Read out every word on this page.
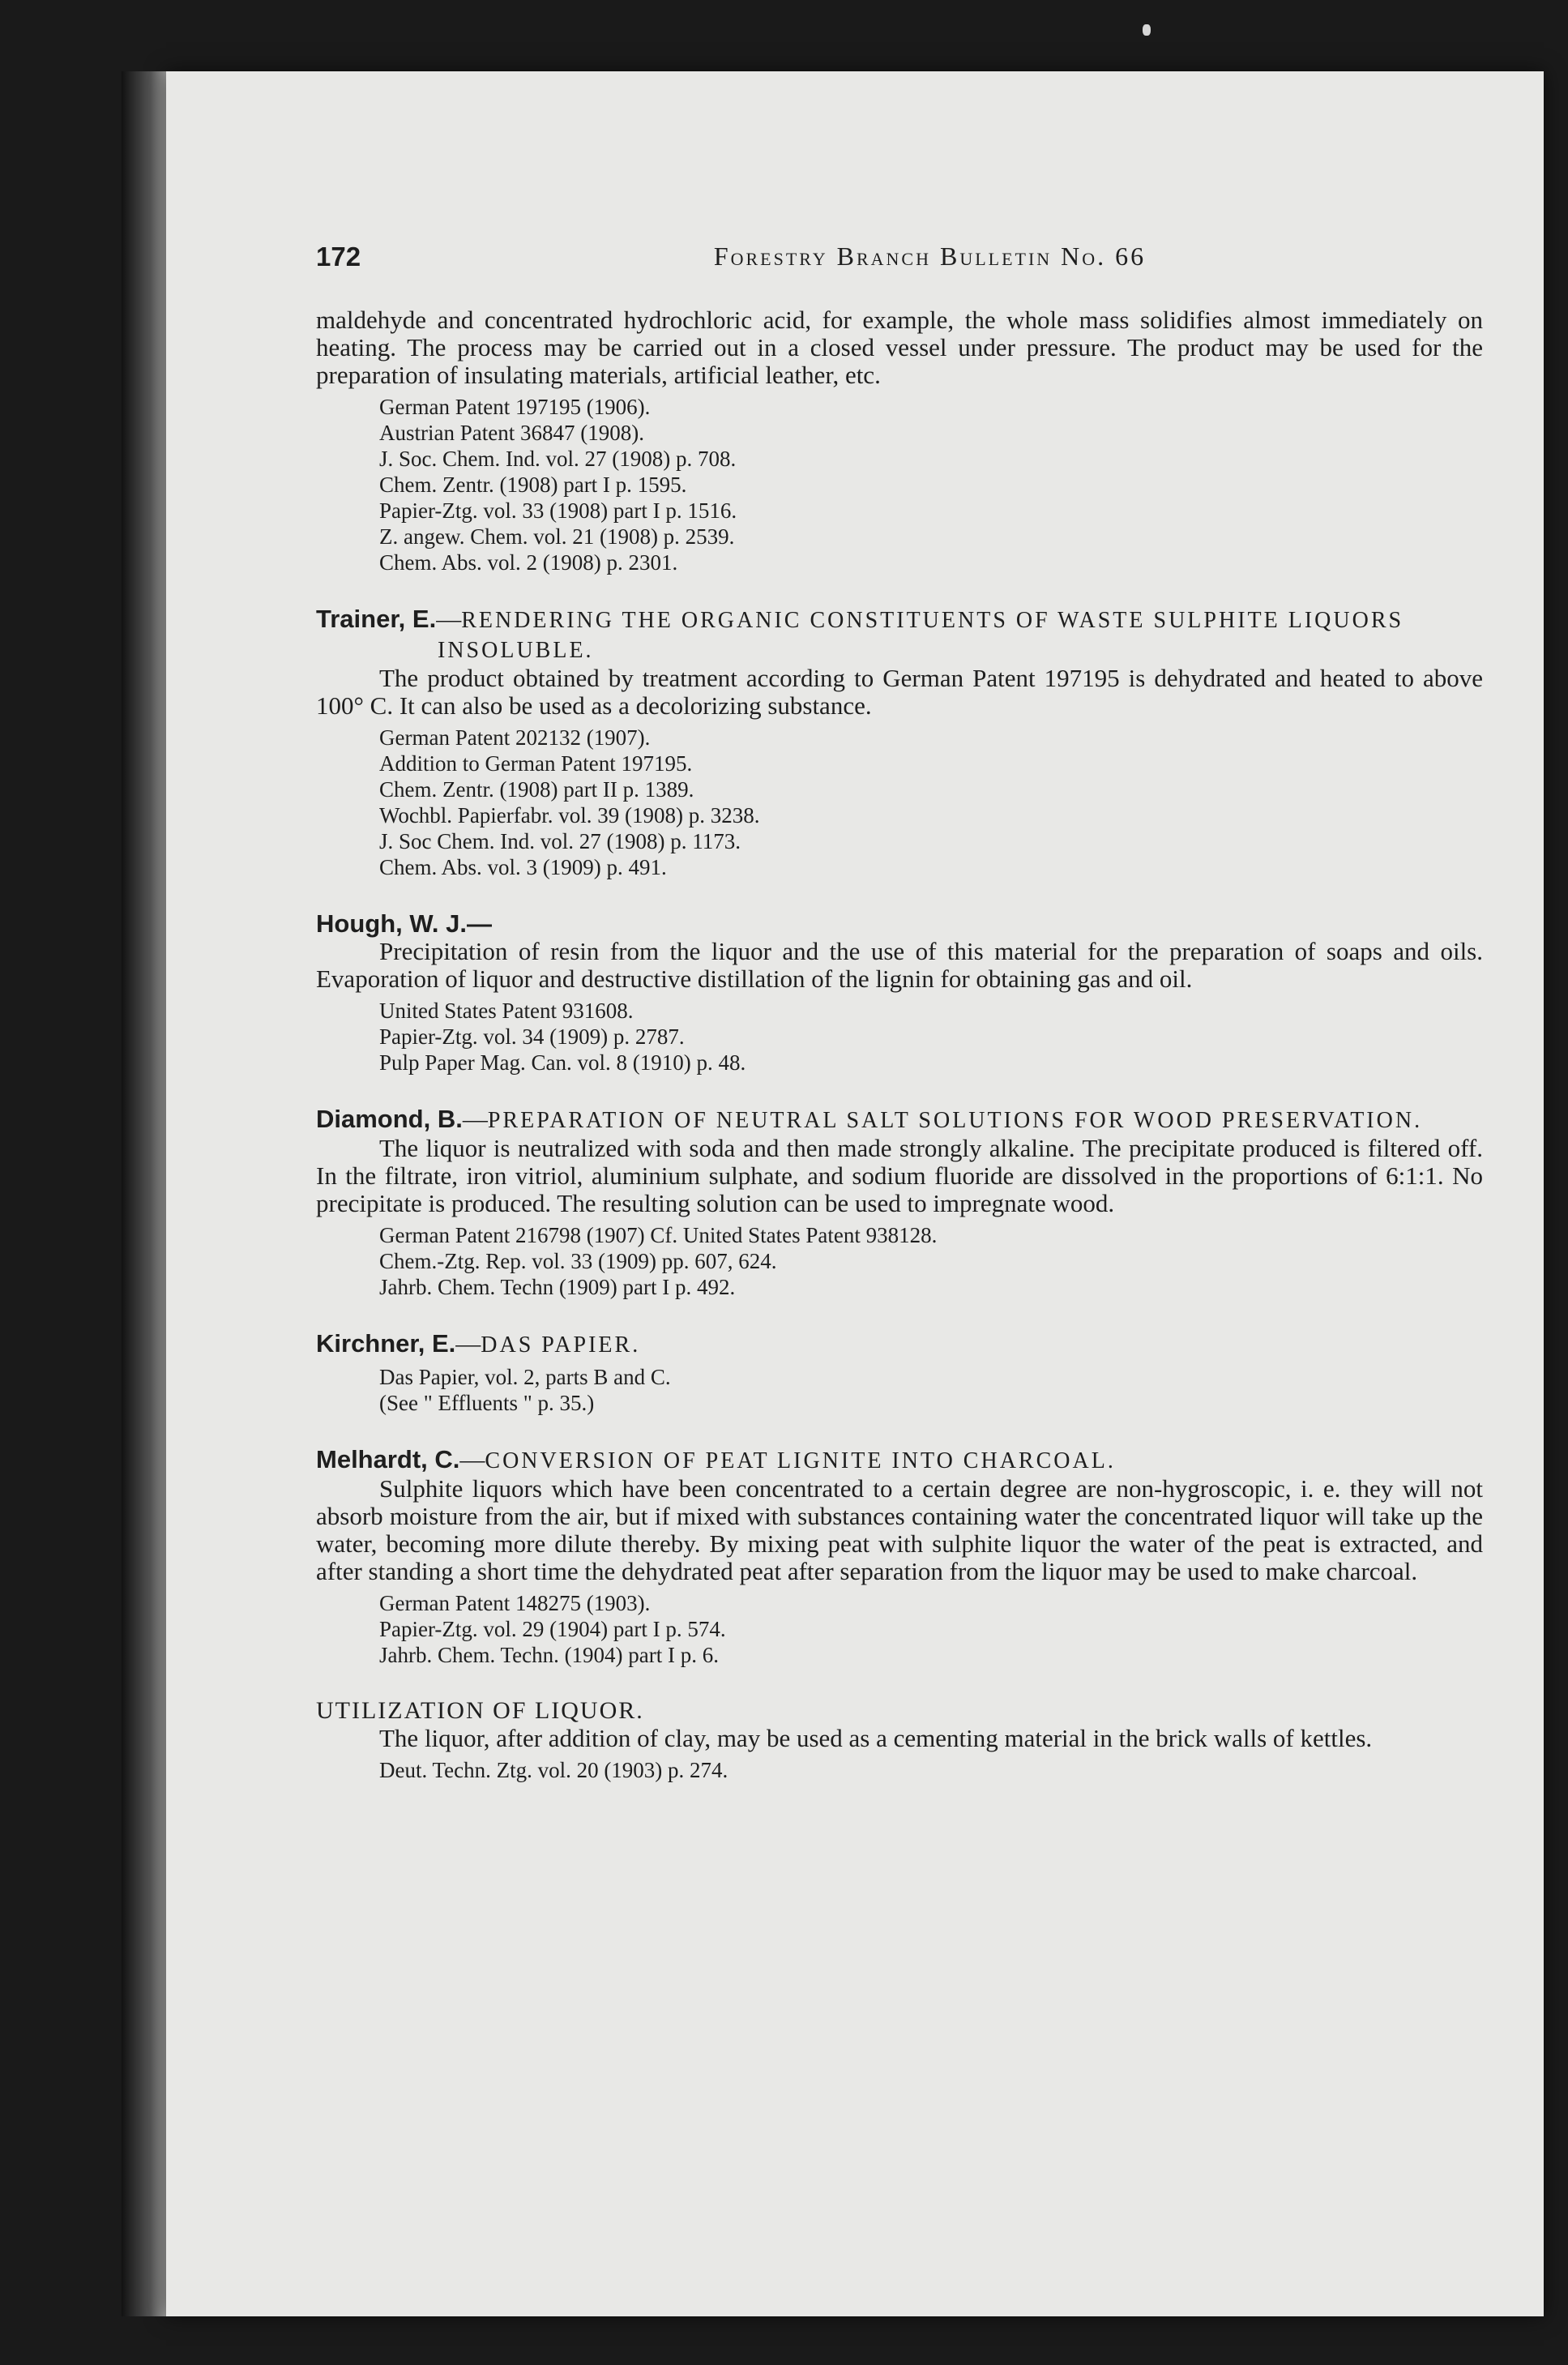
172	Forestry Branch Bulletin No. 66

maldehyde and concentrated hydrochloric acid, for example, the whole mass solidifies almost immediately on heating. The process may be carried out in a closed vessel under pressure. The product may be used for the preparation of insulating materials, artificial leather, etc.

German Patent 197195 (1906).
Austrian Patent 36847 (1908).
J. Soc. Chem. Ind. vol. 27 (1908) p. 708.
Chem. Zentr. (1908) part I p. 1595.
Papier-Ztg. vol. 33 (1908) part I p. 1516.
Z. angew. Chem. vol. 21 (1908) p. 2539.
Chem. Abs. vol. 2 (1908) p. 2301.

Trainer, E.—RENDERING THE ORGANIC CONSTITUENTS OF WASTE SULPHITE LIQUORS INSOLUBLE.

The product obtained by treatment according to German Patent 197195 is dehydrated and heated to above 100° C. It can also be used as a decolorizing substance.

German Patent 202132 (1907).
Addition to German Patent 197195.
Chem. Zentr. (1908) part II p. 1389.
Wochbl. Papierfabr. vol. 39 (1908) p. 3238.
J. Soc Chem. Ind. vol. 27 (1908) p. 1173.
Chem. Abs. vol. 3 (1909) p. 491.

Hough, W. J.—

Precipitation of resin from the liquor and the use of this material for the preparation of soaps and oils. Evaporation of liquor and destructive distillation of the lignin for obtaining gas and oil.

United States Patent 931608.
Papier-Ztg. vol. 34 (1909) p. 2787.
Pulp Paper Mag. Can. vol. 8 (1910) p. 48.

Diamond, B.—PREPARATION OF NEUTRAL SALT SOLUTIONS FOR WOOD PRESERVATION.

The liquor is neutralized with soda and then made strongly alkaline. The precipitate produced is filtered off. In the filtrate, iron vitriol, aluminium sulphate, and sodium fluoride are dissolved in the proportions of 6:1:1. No precipitate is produced. The resulting solution can be used to impregnate wood.

German Patent 216798 (1907) Cf. United States Patent 938128.
Chem.-Ztg. Rep. vol. 33 (1909) pp. 607, 624.
Jahrb. Chem. Techn (1909) part I p. 492.

Kirchner, E.—DAS PAPIER.

Das Papier, vol. 2, parts B and C.
(See " Effluents " p. 35.)

Melhardt, C.—CONVERSION OF PEAT LIGNITE INTO CHARCOAL.

Sulphite liquors which have been concentrated to a certain degree are non-hygroscopic, i. e. they will not absorb moisture from the air, but if mixed with substances containing water the concentrated liquor will take up the water, becoming more dilute thereby. By mixing peat with sulphite liquor the water of the peat is extracted, and after standing a short time the dehydrated peat after separation from the liquor may be used to make charcoal.

German Patent 148275 (1903).
Papier-Ztg. vol. 29 (1904) part I p. 574.
Jahrb. Chem. Techn. (1904) part I p. 6.

UTILIZATION OF LIQUOR.

The liquor, after addition of clay, may be used as a cementing material in the brick walls of kettles.

Deut. Techn. Ztg. vol. 20 (1903) p. 274.
